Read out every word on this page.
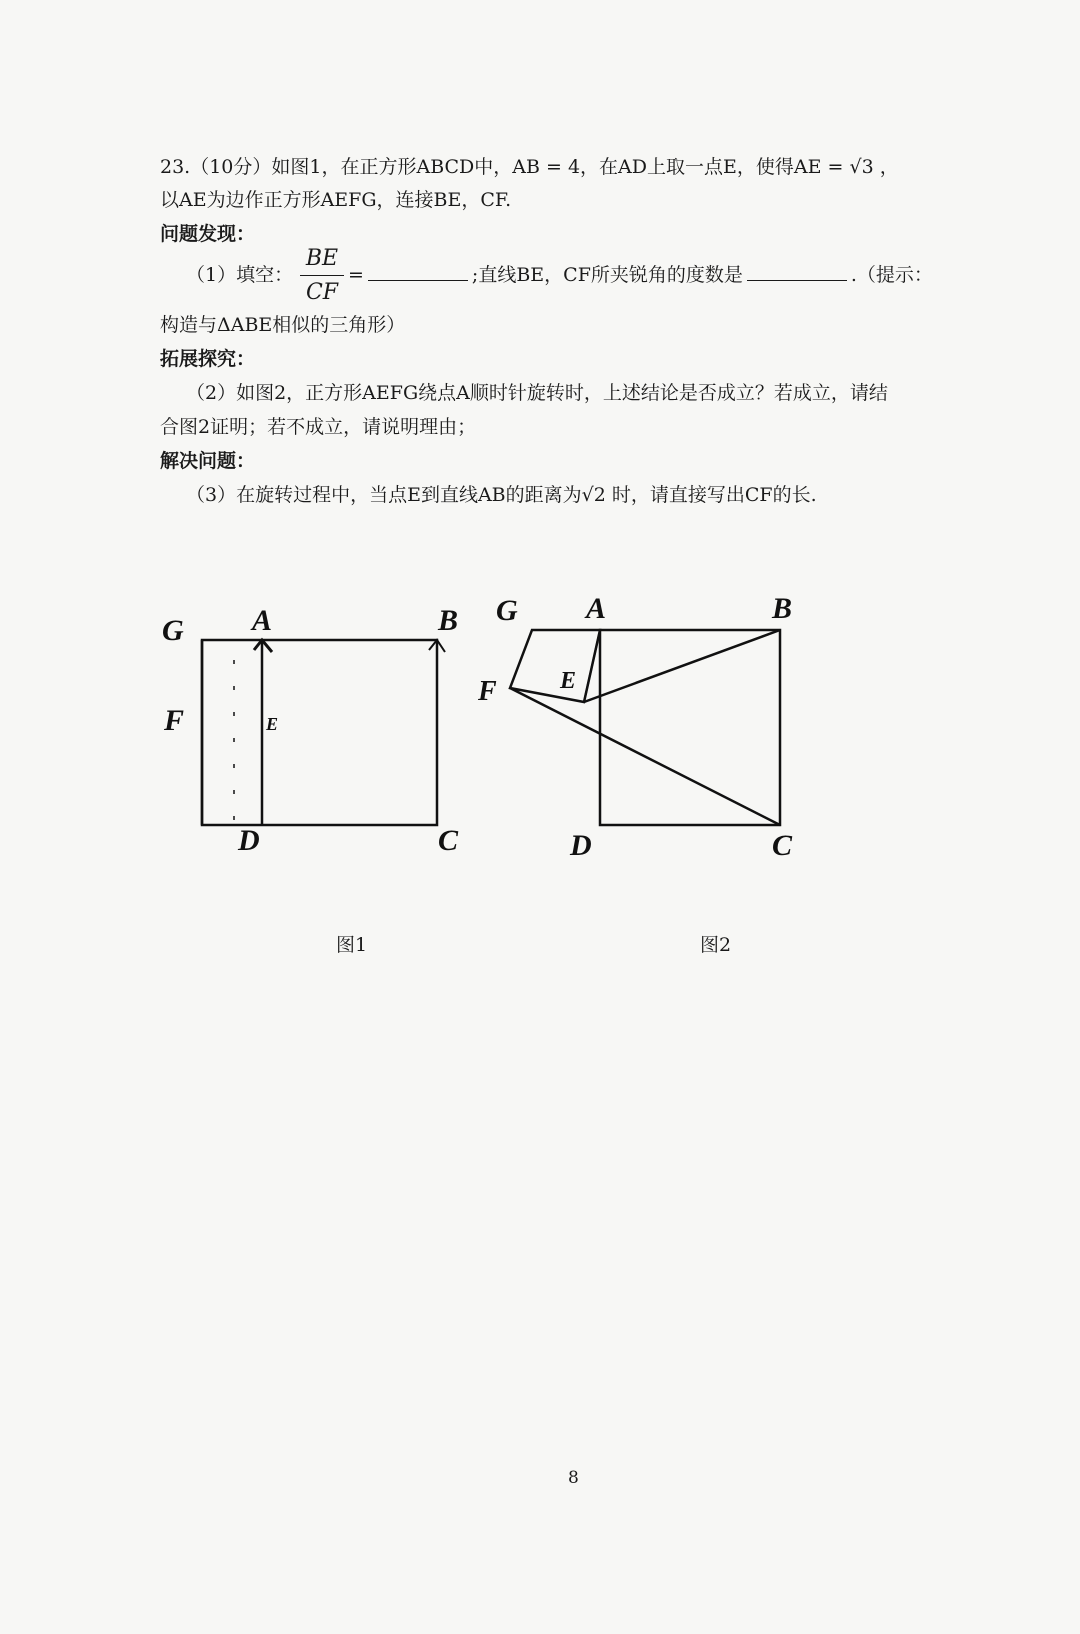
23.（10分）如图1，在正方形ABCD中，AB = 4，在AD上取一点E，使得AE = √3 ，
以AE为边作正方形AEFG，连接BE，CF.
问题发现：
（1）填空： $\frac{BE}{CF}$ =	;直线BE，CF所夹锐角的度数是	.（提示：
构造与ΔABE相似的三角形）
拓展探究：
（2）如图2，正方形AEFG绕点A顺时针旋转时，上述结论是否成立？若成立，请结
合图2证明；若不成立，请说明理由；
解决问题：
（3）在旋转过程中，当点E到直线AB的距离为√2 时，请直接写出CF的长.
G A	B
F	E
D	C
图1
G A	B
F	E
D	C
图2
8
